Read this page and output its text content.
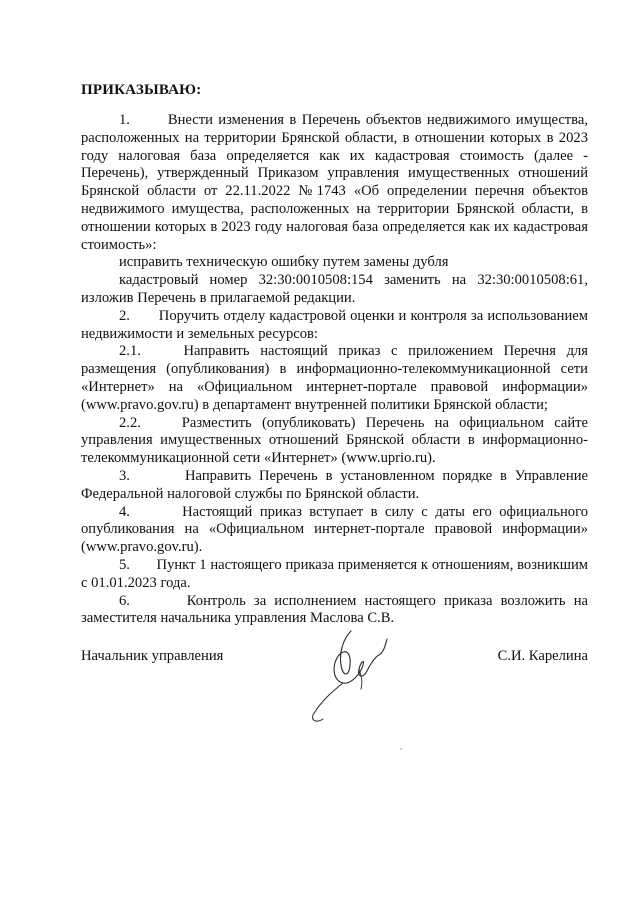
ПРИКАЗЫВАЮ:

1.       Внести изменения в Перечень объектов недвижимого имущества, расположенных на территории Брянской области, в отношении которых в 2023 году налоговая база определяется как их кадастровая стоимость (далее - Перечень), утвержденный Приказом управления имущественных отношений Брянской области от 22.11.2022 №1743 «Об определении перечня объектов недвижимого имущества, расположенных на территории Брянской области, в отношении которых в 2023 году налоговая база определяется как их кадастровая стоимость»:

исправить техническую ошибку путем замены дубля

кадастровый номер 32:30:0010508:154 заменить на 32:30:0010508:61, изложив Перечень в прилагаемой редакции.

2.       Поручить отделу кадастровой оценки и контроля за использованием недвижимости и земельных ресурсов:

2.1.    Направить настоящий приказ с приложением Перечня для размещения (опубликования) в информационно-телекоммуникационной сети «Интернет» на «Официальном интернет-портале правовой информации» (www.pravo.gov.ru) в департамент внутренней политики Брянской области;

2.2.    Разместить (опубликовать) Перечень на официальном сайте управления имущественных отношений Брянской области в информационно-телекоммуникационной сети «Интернет» (www.uprio.ru).

3.       Направить Перечень в установленном порядке в Управление Федеральной налоговой службы по Брянской области.

4.       Настоящий приказ вступает в силу с даты его официального опубликования на «Официальном интернет-портале правовой информации» (www.pravo.gov.ru).

5.       Пункт 1 настоящего приказа применяется к отношениям, возникшим с 01.01.2023 года.

6.       Контроль за исполнением настоящего приказа возложить на заместителя начальника управления Маслова С.В.

Начальник управления	С.И. Карелина
